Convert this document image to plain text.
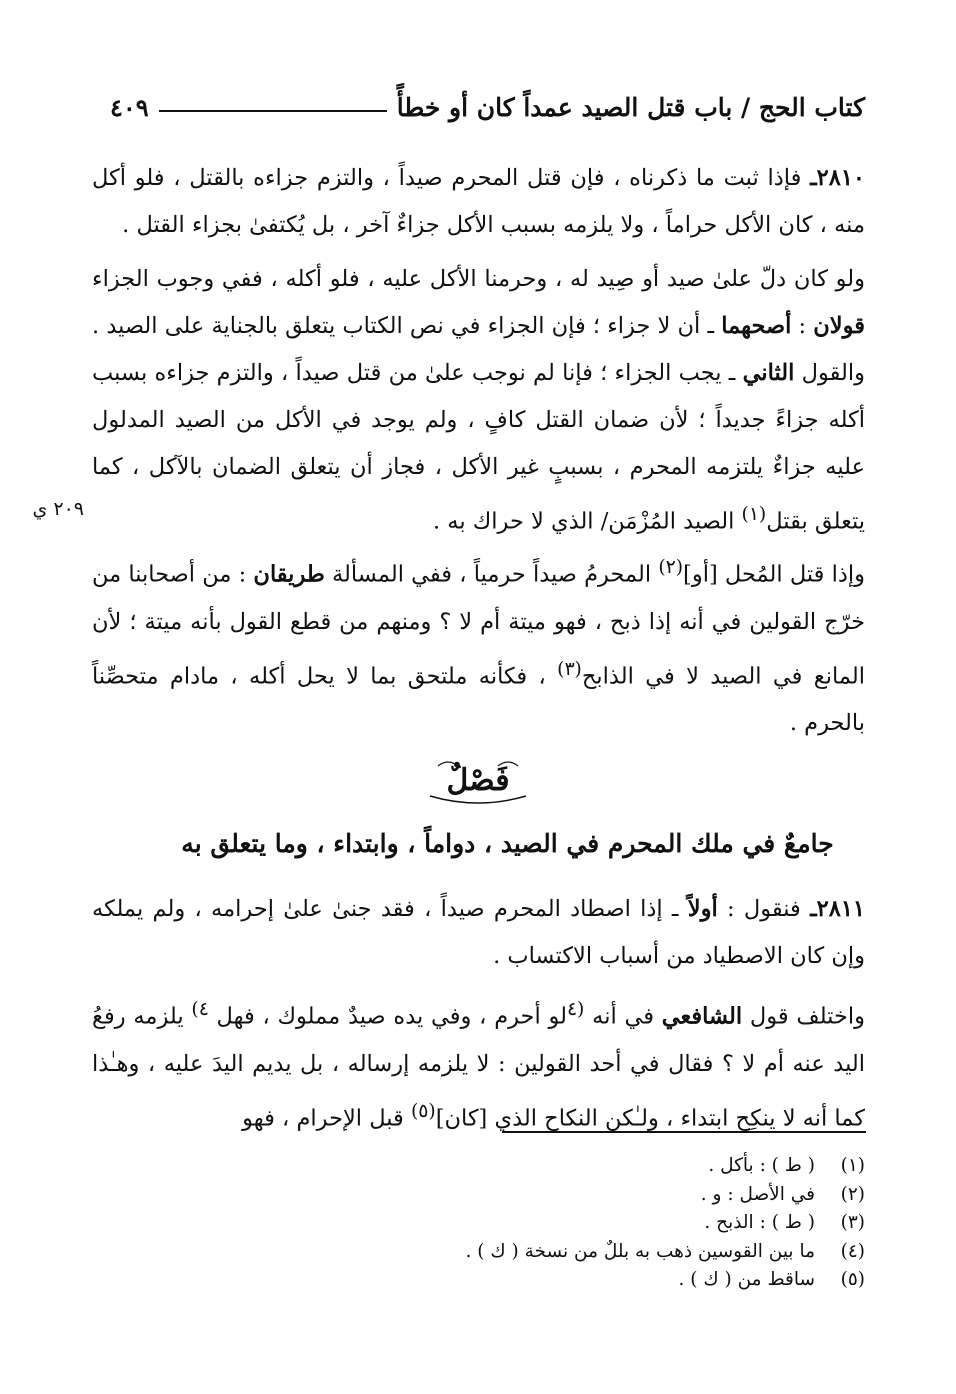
كتاب الحج / باب قتل الصيد عمداً كان أو خطأً
٤٠٩

٢٨١٠ـ فإذا ثبت ما ذكرناه ، فإن قتل المحرم صيداً ، والتزم جزاءه بالقتل ، فلو أكل منه ، كان الأكل حراماً ، ولا يلزمه بسبب الأكل جزاءٌ آخر ، بل يُكتفىٰ بجزاء القتل .

ولو كان دلّ علىٰ صيد أو صِيد له ، وحرمنا الأكل عليه ، فلو أكله ، ففي وجوب الجزاء قولان : أصحهما ـ أن لا جزاء ؛ فإن الجزاء في نص الكتاب يتعلق بالجناية على الصيد . والقول الثاني ـ يجب الجزاء ؛ فإنا لم نوجب علىٰ من قتل صيداً ، والتزم جزاءه بسبب أكله جزاءً جديداً ؛ لأن ضمان القتل كافٍ ، ولم يوجد في الأكل من الصيد المدلول عليه جزاءٌ يلتزمه المحرم ، بسببٍ غير الأكل ، فجاز أن يتعلق الضمان بالآكل ، كما يتعلق بقتل$^{(١)}$ الصيد المُزْمَن/ الذي لا حراك به .

٢٠٩ ي

وإذا قتل المُحل [أو]$^{(٢)}$ المحرمُ صيداً حرمياً ، ففي المسألة طريقان : من أصحابنا من خرّج القولين في أنه إذا ذبح ، فهو ميتة أم لا ؟ ومنهم من قطع القول بأنه ميتة ؛ لأن المانع في الصيد لا في الذابح$^{(٣)}$ ، فكأنه ملتحق بما لا يحل أكله ، مادام متحصِّناً بالحرم .

فَصْلٌ
جامعٌ في ملك المحرم في الصيد ، دواماً ، وابتداء ، وما يتعلق به

٢٨١١ـ فنقول : أولاً ـ إذا اصطاد المحرم صيداً ، فقد جنىٰ علىٰ إحرامه ، ولم يملكه وإن كان الاصطياد من أسباب الاكتساب .

واختلف قول الشافعي في أنه $^{(٤}$لو أحرم ، وفي يده صيدٌ مملوك ، فهل $^{٤)}$ يلزمه رفعُ اليد عنه أم لا ؟ فقال في أحد القولين : لا يلزمه إرساله ، بل يديم اليدَ عليه ، وهـٰذا كما أنه لا ينكِح ابتداء ، ولـٰكن النكاح الذي [كان]$^{(٥)}$ قبل الإحرام ، فهو

(١)
( ط ) : بأكل .
(٢)
في الأصل : و .
(٣)
( ط ) : الذبح .
(٤)
ما بين القوسين ذهب به بللٌ من نسخة ( ك ) .
(٥)
ساقط من ( ك ) .
